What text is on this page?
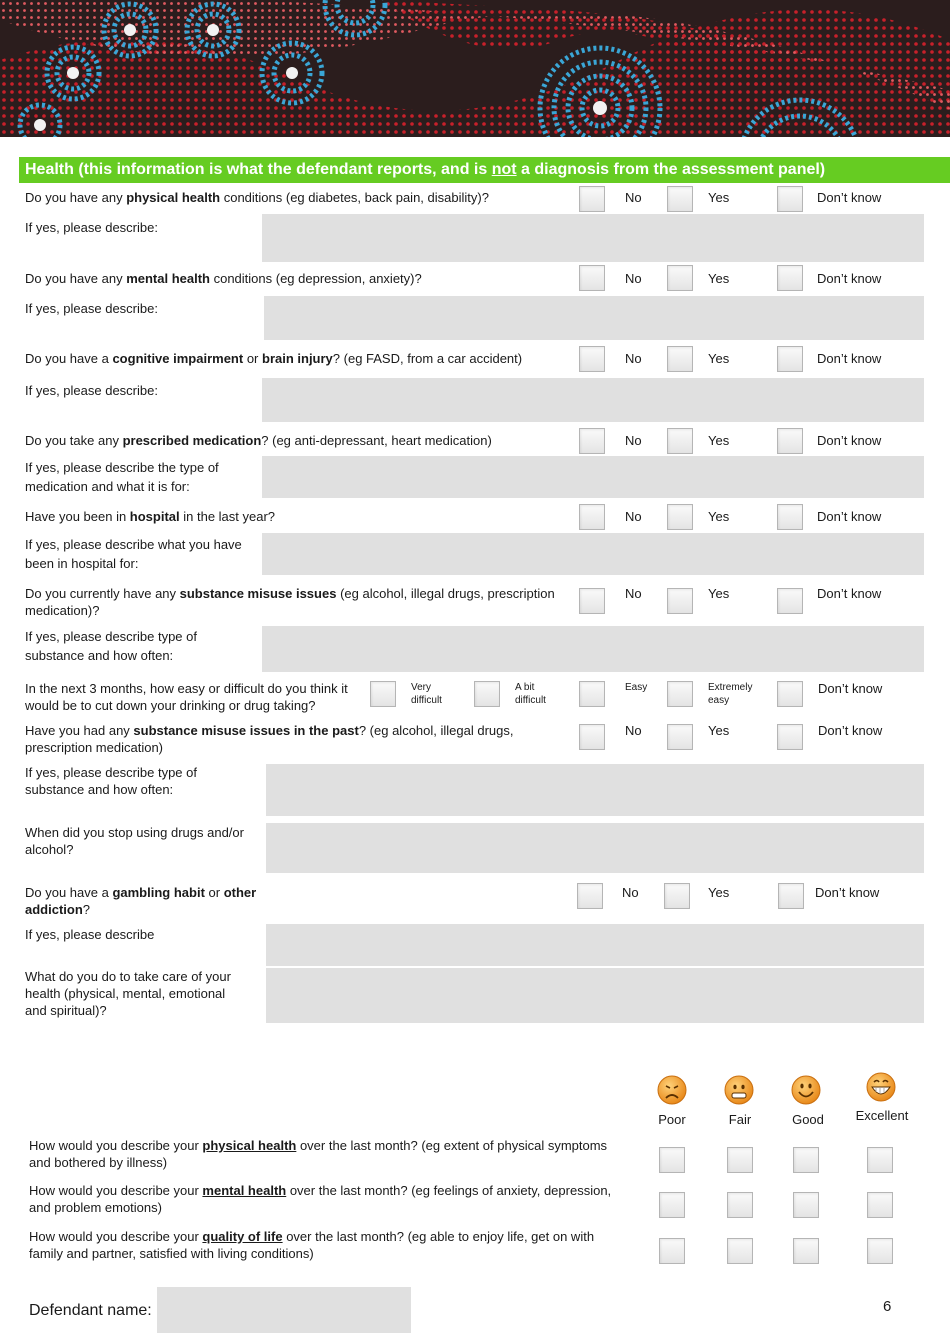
Health (this information is what the defendant reports, and is not a diagnosis from the assessment panel)
Do you have any physical health conditions (eg diabetes, back pain, disability)?	No	Yes	Don’t know
If yes, please describe:
Do you have any mental health conditions (eg depression, anxiety)?	No	Yes	Don’t know
If yes, please describe:
Do you have a cognitive impairment or brain injury? (eg FASD, from a car accident)	No	Yes	Don’t know
If yes, please describe:
Do you take any prescribed medication? (eg anti-depressant, heart medication)	No	Yes	Don’t know
If yes, please describe the type of medication and what it is for:
Have you been in hospital in the last year?	No	Yes	Don’t know
If yes, please describe what you have been in hospital for:
Do you currently have any substance misuse issues (eg alcohol, illegal drugs, prescription medication)?
No	Yes	Don’t know
If yes, please describe type of substance and how often:
In the next 3 months, how easy or difficult do you think it would be to cut down your drinking or drug taking?
Very difficult
A bit difficult
Easy	Extremely easy
Don’t know
Have you had any substance misuse issues in the past? (eg alcohol, illegal drugs, prescription medication)
No	Yes	Don’t know
If yes, please describe type of substance and how often:
When did you stop using drugs and/or alcohol?
Do you have a gambling habit or other addiction?
No	Yes	Don’t know
If yes, please describe
What do you do to take care of your health (physical, mental, emotional and spiritual)?
Poor	Fair	Good	Excellent
How would you describe your physical health over the last month? (eg extent of physical symptoms and bothered by illness)
How would you describe your mental health over the last month? (eg feelings of anxiety, depression, and problem emotions)
How would you describe your quality of life over the last month? (eg able to enjoy life, get on with family and partner, satisfied with living conditions)
Defendant name:	6
